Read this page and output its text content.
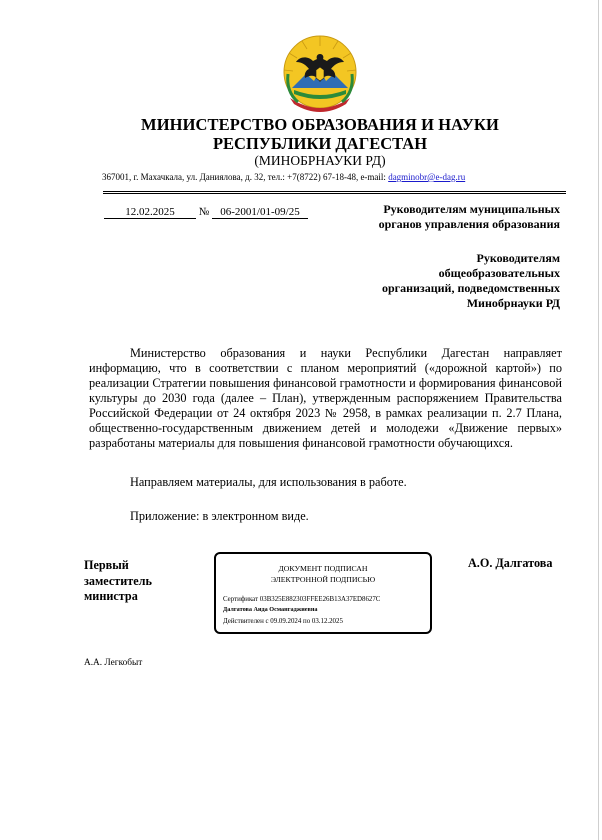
МИНИСТЕРСТВО ОБРАЗОВАНИЯ И НАУКИ
РЕСПУБЛИКИ ДАГЕСТАН
(МИНОБРНАУКИ РД)
367001, г. Махачкала, ул. Даниялова, д. 32, тел.: +7(8722) 67-18-48, e-mail: dagminobr@e-dag.ru
12.02.2025 № 06-2001/01-09/25	Руководителям муниципальных
органов управления образования
Руководителям
общеобразовательных
организаций, подведомственных
Минобрнауки РД
Министерство образования и науки Республики Дагестан направляет информацию, что в соответствии с планом мероприятий («дорожной картой») по реализации Стратегии повышения финансовой грамотности и формирования финансовой культуры до 2030 года (далее – План), утвержденным распоряжением Правительства Российской Федерации от 24 октября 2023 № 2958, в рамках реализации п. 2.7 Плана, общественно-государственным движением детей и молодежи «Движение первых» разработаны материалы для повышения финансовой грамотности обучающихся.
Направляем материалы, для использования в работе.
Приложение: в электронном виде.
Первый
заместитель
министра
ДОКУМЕНТ ПОДПИСАН
ЭЛЕКТРОННОЙ ПОДПИСЬЮ
Сертификат 03B325E882303FFEE26B13A37ED8627C
Далгатова Аида Османгаджиевна
Действителен с 09.09.2024 по 03.12.2025
А.О. Далгатова
А.А. Легкобыт
